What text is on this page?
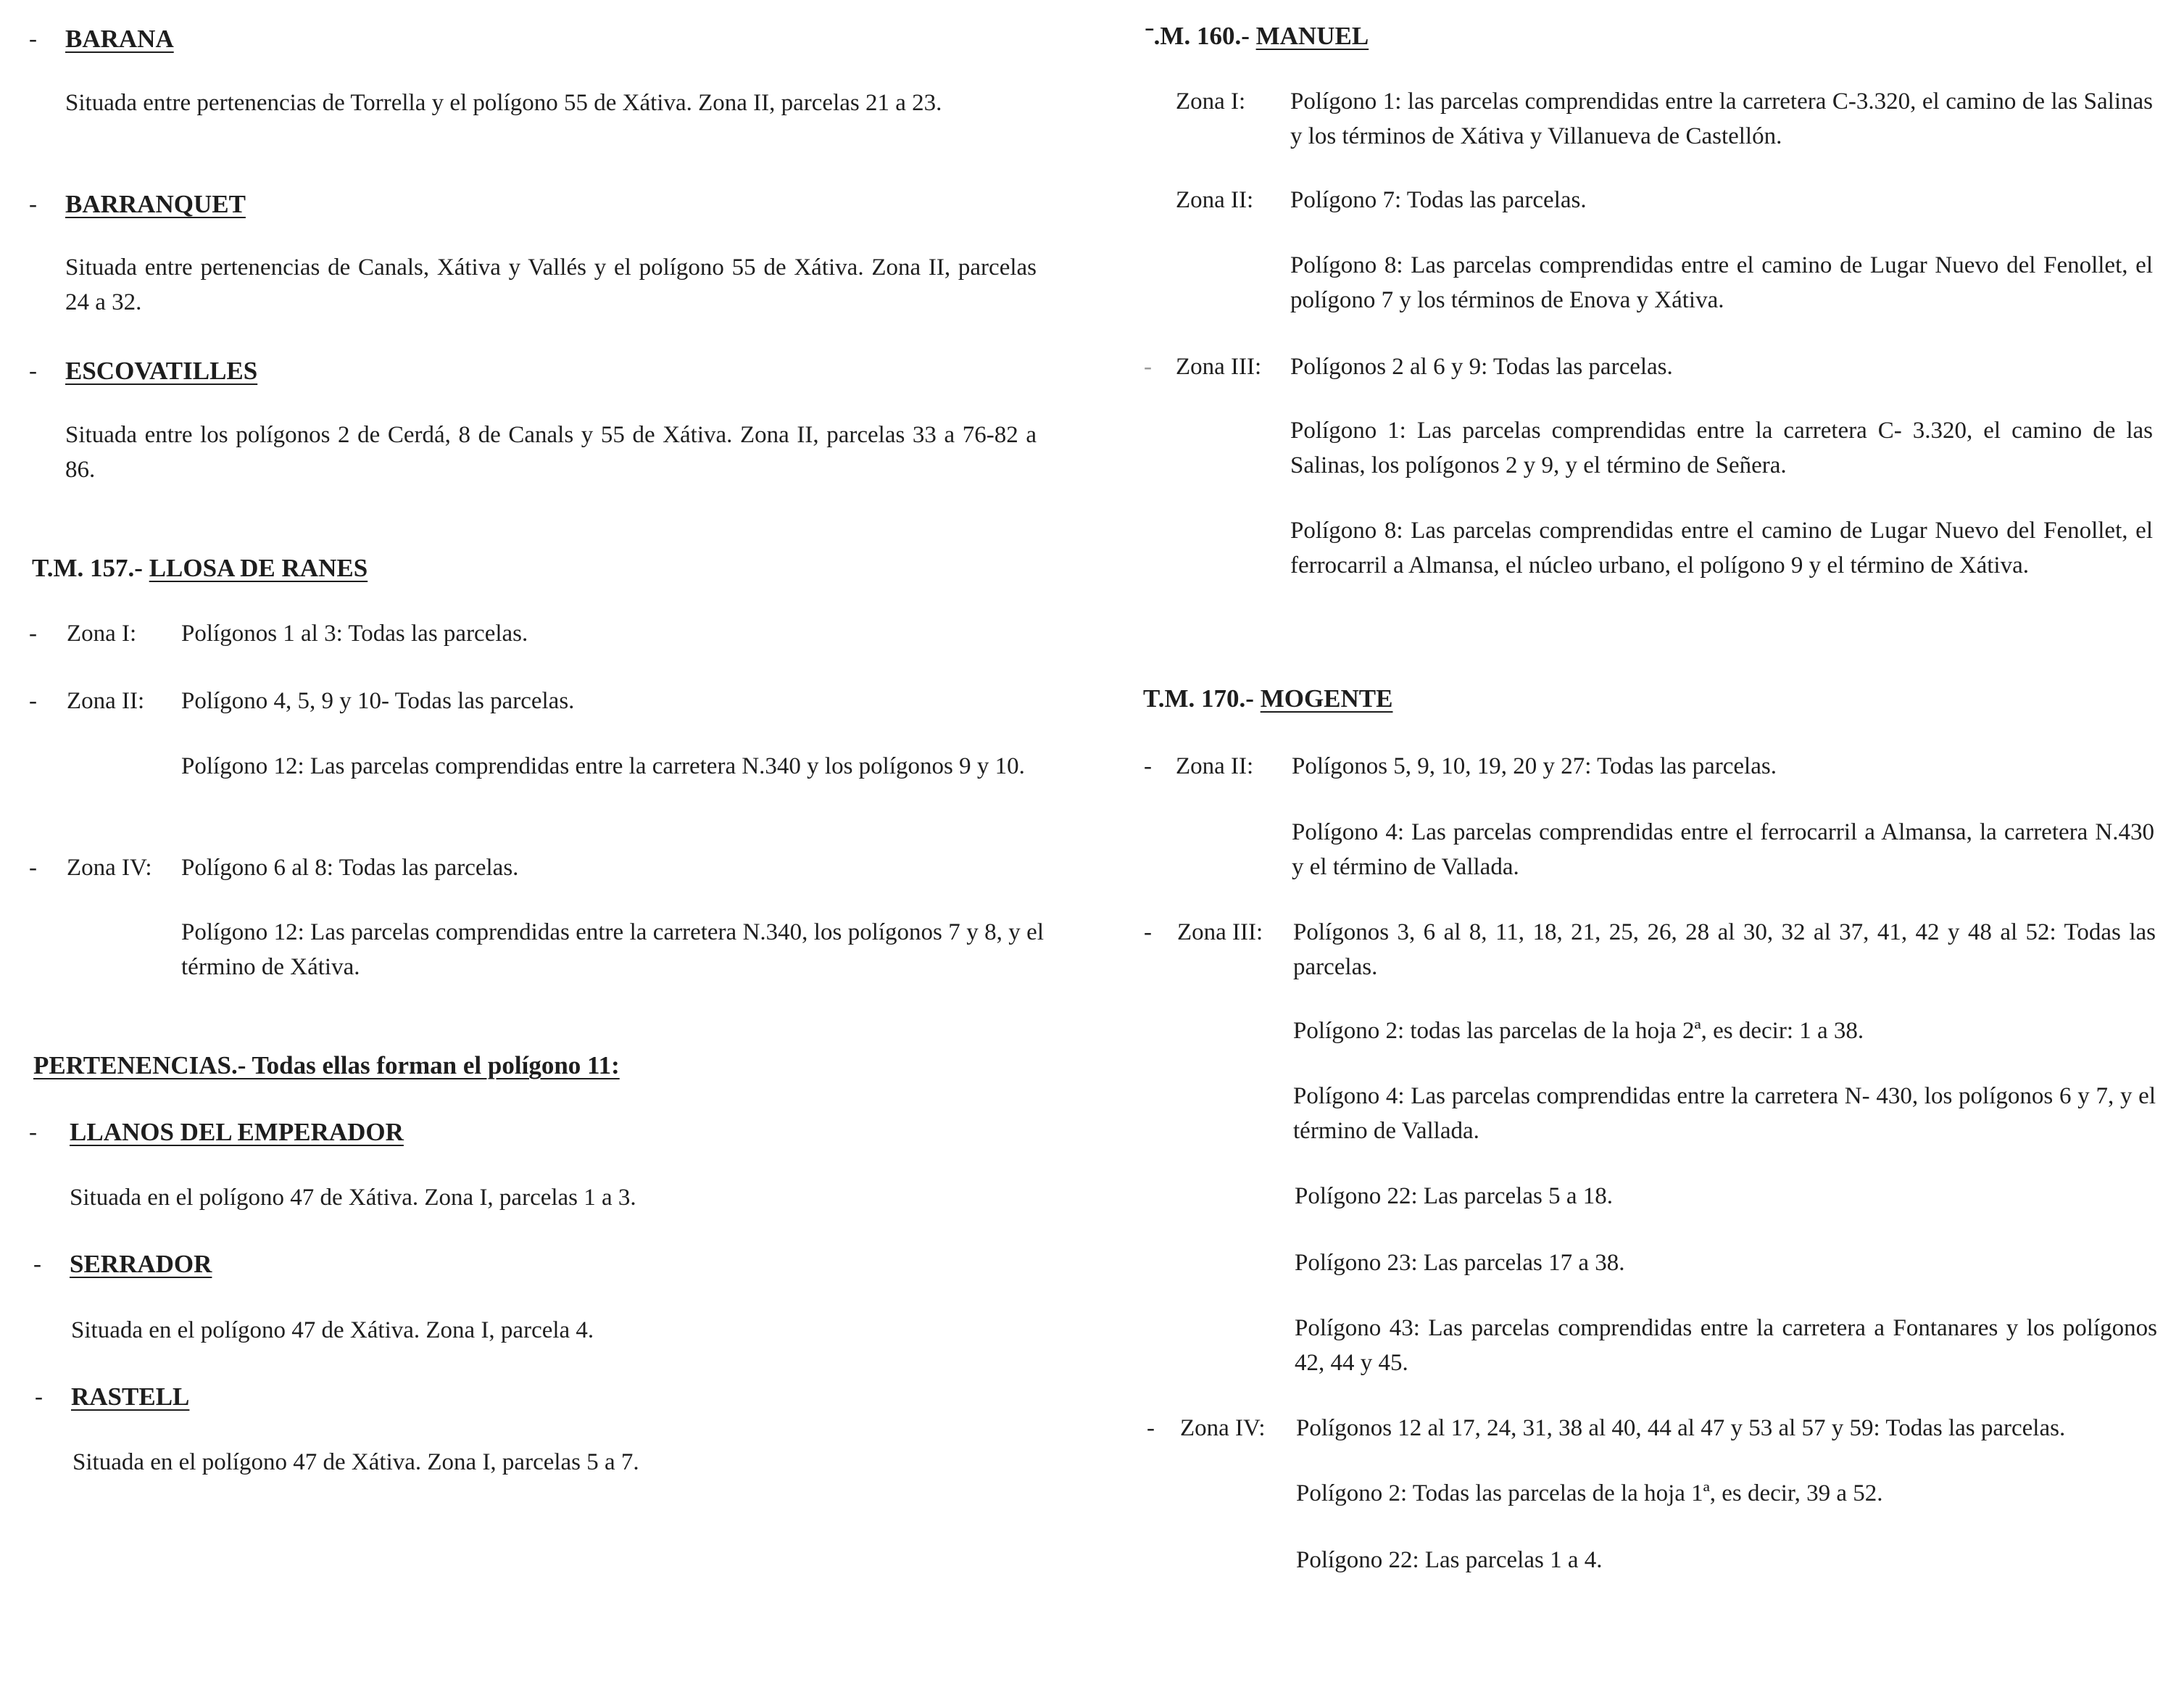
- BARANA
Situada entre pertenencias de Torrella y el polígono 55 de Xátiva. Zona II, parcelas 21 a 23.
- BARRANQUET
Situada entre pertenencias de Canals, Xátiva y Vallés y el polígono 55 de Xátiva. Zona II, parcelas 24 a 32.
- ESCOVATILLES
Situada entre los polígonos 2 de Cerdá, 8 de Canals y 55 de Xátiva. Zona II, parcelas 33 a 76-82 a 86.
T.M. 157.- LLOSA DE RANES
- Zona I: Polígonos 1 al 3: Todas las parcelas.
- Zona II: Polígono 4, 5, 9 y 10- Todas las parcelas.
Polígono 12: Las parcelas comprendidas entre la carretera N.340 y los polígonos 9 y 10.
- Zona IV: Polígono 6 al 8: Todas las parcelas.
Polígono 12: Las parcelas comprendidas entre la carretera N.340, los polígonos 7 y 8, y el término de Xátiva.
PERTENENCIAS.- Todas ellas forman el polígono 11:
- LLANOS DEL EMPERADOR
Situada en el polígono 47 de Xátiva. Zona I, parcelas 1 a 3.
- SERRADOR
Situada en el polígono 47 de Xátiva. Zona I, parcela 4.
- RASTELL
Situada en el polígono 47 de Xátiva. Zona I, parcelas 5 a 7.
ˉ.M. 160.- MANUEL
Zona I: Polígono 1: las parcelas comprendidas entre la carretera C-3.320, el camino de las Salinas y los términos de Xátiva y Villanueva de Castellón.
Zona II: Polígono 7: Todas las parcelas.
Polígono 8: Las parcelas comprendidas entre el camino de Lugar Nuevo del Fenollet, el polígono 7 y los términos de Enova y Xátiva.
- Zona III: Polígonos 2 al 6 y 9: Todas las parcelas.
Polígono 1: Las parcelas comprendidas entre la carretera C- 3.320, el camino de las Salinas, los polígonos 2 y 9, y el término de Señera.
Polígono 8: Las parcelas comprendidas entre el camino de Lugar Nuevo del Fenollet, el ferrocarril a Almansa, el núcleo urbano, el polígono 9 y el término de Xátiva.
T.M. 170.- MOGENTE
- Zona II: Polígonos 5, 9, 10, 19, 20 y 27: Todas las parcelas.
Polígono 4: Las parcelas comprendidas entre el ferrocarril a Almansa, la carretera N.430 y el término de Vallada.
- Zona III: Polígonos 3, 6 al 8, 11, 18, 21, 25, 26, 28 al 30, 32 al 37, 41, 42 y 48 al 52: Todas las parcelas.
Polígono 2: todas las parcelas de la hoja 2ª, es decir: 1 a 38.
Polígono 4: Las parcelas comprendidas entre la carretera N- 430, los polígonos 6 y 7, y el término de Vallada.
Polígono 22: Las parcelas 5 a 18.
Polígono 23: Las parcelas 17 a 38.
Polígono 43: Las parcelas comprendidas entre la carretera a Fontanares y los polígonos 42, 44 y 45.
- Zona IV: Polígonos 12 al 17, 24, 31, 38 al 40, 44 al 47 y 53 al 57 y 59: Todas las parcelas.
Polígono 2: Todas las parcelas de la hoja 1ª, es decir, 39 a 52.
Polígono 22: Las parcelas 1 a 4.
